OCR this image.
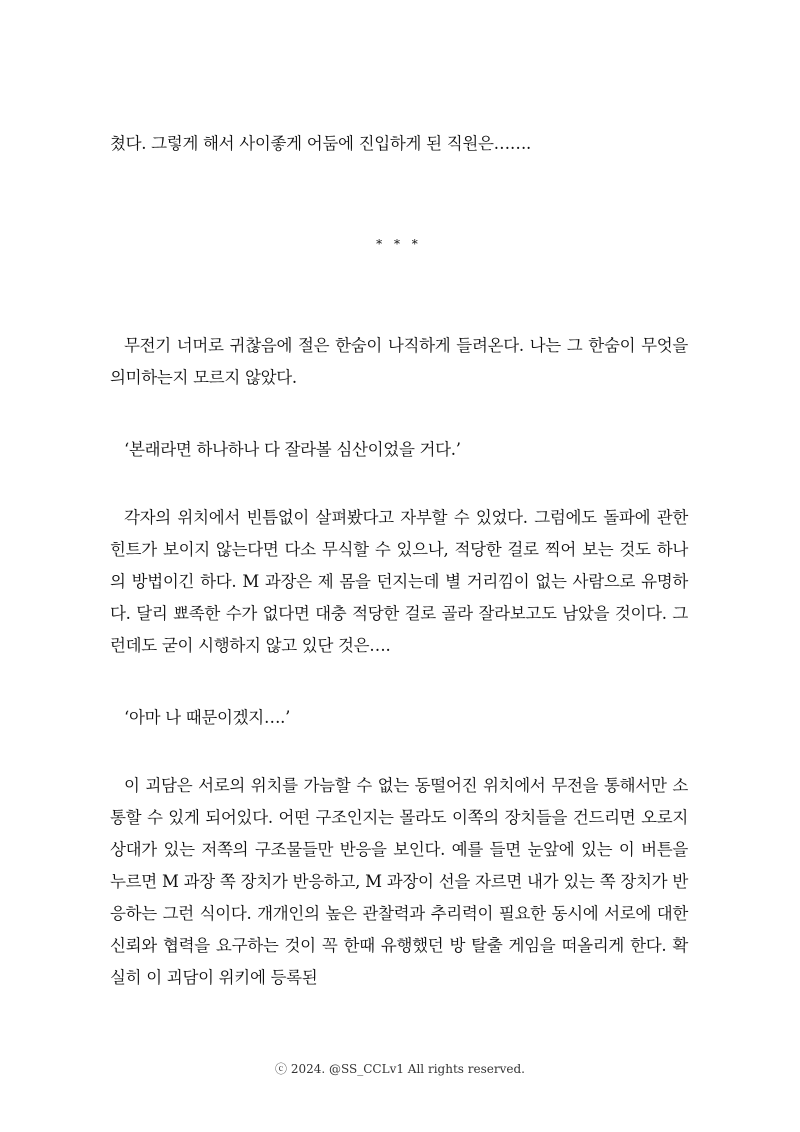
쳤다. 그렇게 해서 사이좋게 어둠에 진입하게 된 직원은…….

* * *

무전기 너머로 귀찮음에 절은 한숨이 나직하게 들려온다. 나는 그 한숨이 무엇을 의미하는지 모르지 않았다.

‘본래라면 하나하나 다 잘라볼 심산이었을 거다.’

각자의 위치에서 빈틈없이 살펴봤다고 자부할 수 있었다. 그럼에도 돌파에 관한 힌트가 보이지 않는다면 다소 무식할 수 있으나, 적당한 걸로 찍어 보는 것도 하나의 방법이긴 하다. M 과장은 제 몸을 던지는데 별 거리낌이 없는 사람으로 유명하다. 달리 뾰족한 수가 없다면 대충 적당한 걸로 골라 잘라보고도 남았을 것이다. 그런데도 굳이 시행하지 않고 있단 것은….

‘아마 나 때문이겠지….’

이 괴담은 서로의 위치를 가늠할 수 없는 동떨어진 위치에서 무전을 통해서만 소통할 수 있게 되어있다. 어떤 구조인지는 몰라도 이쪽의 장치들을 건드리면 오로지 상대가 있는 저쪽의 구조물들만 반응을 보인다. 예를 들면 눈앞에 있는 이 버튼을 누르면 M 과장 쪽 장치가 반응하고, M 과장이 선을 자르면 내가 있는 쪽 장치가 반응하는 그런 식이다. 개개인의 높은 관찰력과 추리력이 필요한 동시에 서로에 대한 신뢰와 협력을 요구하는 것이 꼭 한때 유행했던 방 탈출 게임을 떠올리게 한다. 확실히 이 괴담이 위키에 등록된

ⓒ 2024. @SS_CCLv1 All rights reserved.
